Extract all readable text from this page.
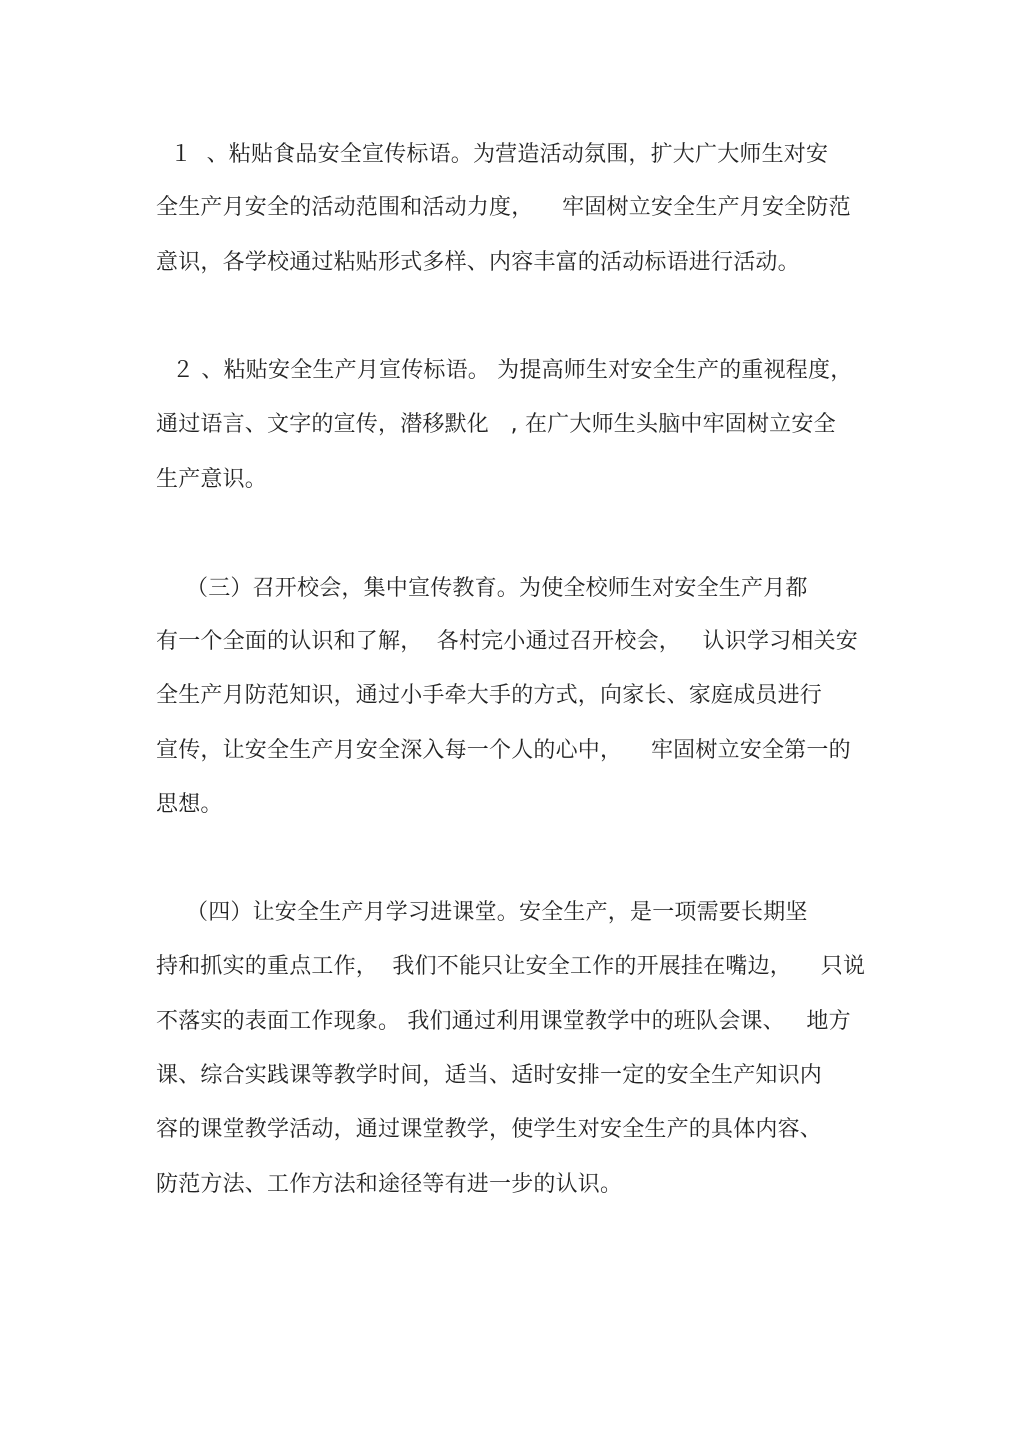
１  、粘贴食品安全宣传标语。为营造活动氛围，扩大广大师生对安

全生产月安全的活动范围和活动力度，    牢固树立安全生产月安全防范

意识，各学校通过粘贴形式多样、内容丰富的活动标语进行活动。

２ 、粘贴安全生产月宣传标语。 为提高师生对安全生产的重视程度，

通过语言、文字的宣传，潜移默化   , 在广大师生头脑中牢固树立安全

生产意识。

（三）召开校会，集中宣传教育。为使全校师生对安全生产月都

有一个全面的认识和了解，  各村完小通过召开校会，   认识学习相关安

全生产月防范知识，通过小手牵大手的方式，向家长、家庭成员进行

宣传，让安全生产月安全深入每一个人的心中，    牢固树立安全第一的

思想。

（四）让安全生产月学习进课堂。安全生产，是一项需要长期坚

持和抓实的重点工作，  我们不能只让安全工作的开展挂在嘴边，    只说

不落实的表面工作现象。 我们通过利用课堂教学中的班队会课、   地方

课、综合实践课等教学时间，适当、适时安排一定的安全生产知识内

容的课堂教学活动，通过课堂教学，使学生对安全生产的具体内容、

防范方法、工作方法和途径等有进一步的认识。
